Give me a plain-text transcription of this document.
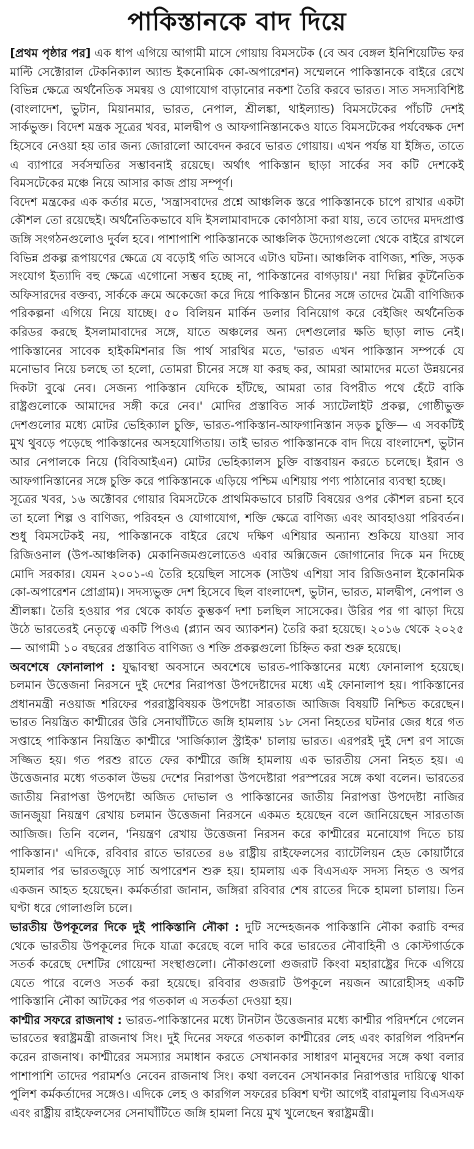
পাকিস্তানকে বাদ দিয়ে

[প্রথম পৃষ্ঠার পর] এক ধাপ এগিয়ে আগামী মাসে গোয়ায় বিমসটেক (বে অব বেঙ্গল ইনিশিয়েটিভ ফর মাল্টি সেক্টোরাল টেকনিক্যাল অ্যান্ড ইকনোমিক কো-অপারেশন) সম্মেলনে পাকিস্তানকে বাইরে রেখে বিভিন্ন ক্ষেত্রে অর্থনৈতিক সমন্বয় ও যোগাযোগ বাড়ানোর নকশা তৈরি করবে ভারত। সাত সদস্যবিশিষ্ট (বাংলাদেশ, ভুটান, মিয়ানমার, ভারত, নেপাল, শ্রীলঙ্কা, থাইল্যান্ড) বিমসটেকের পাঁচটি দেশই সার্কভুক্ত। বিদেশ মন্ত্রক সূত্রের খবর, মালদ্বীপ ও আফগানিস্তানকেও যাতে বিমসটেকের পর্যবেক্ষক দেশ হিসেবে নেওয়া হয় তার জন্য জোরালো আবেদন করবে ভারত গোয়ায়। এখন পর্যন্ত যা ইঙ্গিত, তাতে এ ব্যাপারে সর্বসম্মতির সম্ভাবনাই রয়েছে। অর্থাৎ পাকিস্তান ছাড়া সার্কের সব কটি দেশকেই বিমসটেকের মঞ্চে নিয়ে আসার কাজ প্রায় সম্পূর্ণ।

বিদেশ মন্ত্রকের এক কর্তার মতে, 'সন্ত্রাসবাদের প্রশ্নে আঞ্চলিক স্তরে পাকিস্তানকে চাপে রাখার একটা কৌশল তো রয়েছেই। অর্থনৈতিকভাবে যদি ইসলামাবাদকে কোণঠাসা করা যায়, তবে তাদের মদদপ্রাপ্ত জঙ্গি সংগঠনগুলোও দুর্বল হবে। পাশাপাশি পাকিস্তানকে আঞ্চলিক উদ্যোগগুলো থেকে বাইরে রাখলে বিভিন্ন প্রকল্প রূপায়ণের ক্ষেত্রে যে বড়োই গতি আসবে এটাও ঘটনা। আঞ্চলিক বাণিজ্য, শক্তি, সড়ক সংযোগ ইত্যাদি বহু ক্ষেত্রে এগোনো সম্ভব হচ্ছে না, পাকিস্তানের বাগড়ায়।' নয়া দিল্লির কূটনৈতিক অফিসারদের বক্তব্য, সার্ককে ক্রমে অকেজো করে দিয়ে পাকিস্তান চীনের সঙ্গে তাদের মৈত্রী বাণিজ্যিক পরিকল্পনা এগিয়ে নিয়ে যাচ্ছে। ৫০ বিলিয়ন মার্কিন ডলার বিনিয়োগ করে বেইজিং অর্থনৈতিক করিডর করছে ইসলামাবাদের সঙ্গে, যাতে অঞ্চলের অন্য দেশগুলোর ক্ষতি ছাড়া লাভ নেই। পাকিস্তানের সাবেক হাইকমিশনার জি পার্থ সারথির মতে, 'ভারত এখন পাকিস্তান সম্পর্কে যে মনোভাব নিয়ে চলছে তা হলো, তোমরা চীনের সঙ্গে যা করছ কর, আমরা আমাদের মতো উন্নয়নের দিকটা বুঝে নেব। সেজন্য পাকিস্তান যেদিকে হাঁটছে, আমরা তার বিপরীত পথে হেঁটে বাকি রাষ্ট্রগুলোকে আমাদের সঙ্গী করে নেব।' মোদির প্রস্তাবিত সার্ক স্যাটেলাইট প্রকল্প, গোষ্ঠীভুক্ত দেশগুলোর মধ্যে মোটর ভেহিক্যাল চুক্তি, ভারত-পাকিস্তান-আফগানিস্তান সড়ক চুক্তি— এ সবকটিই মুখ থুবড়ে পড়েছে পাকিস্তানের অসহযোগিতায়। তাই ভারত পাকিস্তানকে বাদ দিয়ে বাংলাদেশ, ভুটান আর নেপালকে নিয়ে (বিবিআইএন) মোটর ভেহিক্যালস চুক্তি বাস্তবায়ন করতে চলেছে। ইরান ও আফগানিস্তানের সঙ্গে চুক্তি করে পাকিস্তানকে এড়িয়ে পশ্চিম এশিয়ায় পণ্য পাঠানোর ব্যবস্থা হচ্ছে।

সূত্রের খবর, ১৬ অক্টোবর গোয়ার বিমসটেকে প্রাথমিকভাবে চারটি বিষয়ের ওপর কৌশল রচনা হবে তা হলো শিল্প ও বাণিজ্য, পরিবহন ও যোগাযোগ, শক্তি ক্ষেত্রে বাণিজ্য এবং আবহাওয়া পরিবর্তন। শুধু বিমসটেকই নয়, পাকিস্তানকে বাইরে রেখে দক্ষিণ এশিয়ার অন্যান্য শুকিয়ে যাওয়া সাব রিজিওনাল (উপ-আঞ্চলিক) মেকানিজমগুলোতেও এবার অক্সিজেন জোগানোর দিকে মন দিচ্ছে মোদি সরকার। যেমন ২০০১-এ তৈরি হয়েছিল সাসেক (সাউথ এশিয়া সাব রিজিওনাল ইকোনমিক কো-অপারেশন প্রোগ্রাম)। সদস্যভুক্ত দেশ হিসেবে ছিল বাংলাদেশ, ভুটান, ভারত, মালদ্বীপ, নেপাল ও শ্রীলঙ্কা। তৈরি হওয়ার পর থেকে কার্যত কুম্ভকর্ণ দশা চলছিল সাসেকের। উরির পর গা ঝাড়া দিয়ে উঠে ভারতেরই নেতৃত্বে একটি পিওএ (প্ল্যান অব অ্যাকশন) তৈরি করা হয়েছে। ২০১৬ থেকে ২০২৫— আগামী ১০ বছরের প্রস্তাবিত বাণিজ্য ও শক্তি প্রকল্পগুলো চিহ্নিত করা শুরু হয়েছে।

অবশেষে ফোনালাপ : যুদ্ধাবস্থা অবসানে অবশেষে ভারত-পাকিস্তানের মধ্যে ফোনালাপ হয়েছে। চলমান উত্তেজনা নিরসনে দুই দেশের নিরাপত্তা উপদেষ্টাদের মধ্যে এই ফোনালাপ হয়। পাকিস্তানের প্রধানমন্ত্রী নওয়াজ শরিফের পররাষ্ট্রবিষয়ক উপদেষ্টা সারতাজ আজিজ বিষয়টি নিশ্চিত করেছেন। ভারত নিয়ন্ত্রিত কাশ্মীরের উরি সেনাঘাঁটিতে জঙ্গি হামলায় ১৮ সেনা নিহতের ঘটনার জের ধরে গত সপ্তাহে পাকিস্তান নিয়ন্ত্রিত কাশ্মীরে 'সার্জিক্যাল স্ট্রাইক' চালায় ভারত। এরপরই দুই দেশ রণ সাজে সজ্জিত হয়। গত পরশু রাতে ফের কাশ্মীরে জঙ্গি হামলায় এক ভারতীয় সেনা নিহত হয়। এ উত্তেজনার মধ্যে গতকাল উভয় দেশের নিরাপত্তা উপদেষ্টারা পরস্পরের সঙ্গে কথা বলেন। ভারতের জাতীয় নিরাপত্তা উপদেষ্টা অজিত দোভাল ও পাকিস্তানের জাতীয় নিরাপত্তা উপদেষ্টা নাজির জানজুয়া নিয়ন্ত্রণ রেখায় চলমান উত্তেজনা নিরসনে একমত হয়েছেন বলে জানিয়েছেন সারতাজ আজিজ। তিনি বলেন, 'নিয়ন্ত্রণ রেখায় উত্তেজনা নিরসন করে কাশ্মীরের মনোযোগ দিতে চায় পাকিস্তান।' এদিকে, রবিবার রাতে ভারতের ৪৬ রাষ্ট্রীয় রাইফেলসের ব্যাটেলিয়ন হেড কোয়ার্টারে হামলার পর ভারতজুড়ে সার্চ অপারেশন শুরু হয়। হামলায় এক বিএসএফ সদস্য নিহত ও অপর একজন আহত হয়েছেন। কর্মকর্তারা জানান, জঙ্গিরা রবিবার শেষ রাতের দিকে হামলা চালায়। তিন ঘণ্টা ধরে গোলাগুলি চলে।

ভারতীয় উপকূলের দিকে দুই পাকিস্তানি নৌকা : দুটি সন্দেহজনক পাকিস্তানি নৌকা করাচি বন্দর থেকে ভারতীয় উপকূলের দিকে যাত্রা করেছে বলে দাবি করে ভারতের নৌবাহিনী ও কোস্টগার্ডকে সতর্ক করেছে দেশটির গোয়েন্দা সংস্থাগুলো। নৌকাগুলো গুজরাট কিংবা মহারাষ্ট্রের দিকে এগিয়ে যেতে পারে বলেও সতর্ক করা হয়েছে। রবিবার গুজরাট উপকূলে নয়জন আরোহীসহ একটি পাকিস্তানি নৌকা আটকের পর গতকাল এ সতর্কতা দেওয়া হয়।

কাশ্মীর সফরে রাজনাথ : ভারত-পাকিস্তানের মধ্যে টানটান উত্তেজনার মধ্যে কাশ্মীর পরিদর্শনে গেলেন ভারতের স্বরাষ্ট্রমন্ত্রী রাজনাথ সিং। দুই দিনের সফরে গতকাল কাশ্মীরের লেহ এবং কারগিল পরিদর্শন করেন রাজনাথ। কাশ্মীরের সমস্যার সমাধান করতে সেখানকার সাধারণ মানুষদের সঙ্গে কথা বলার পাশাপাশি তাদের পরামর্শও নেবেন রাজনাথ সিং। কথা বলবেন সেখানকার নিরাপত্তার দায়িত্বে থাকা পুলিশ কর্মকর্তাদের সঙ্গেও। এদিকে লেহ ও কারগিল সফরের চব্বিশ ঘণ্টা আগেই বারামুলায় বিএসএফ এবং রাষ্ট্রীয় রাইফেলসের সেনাঘাঁটিতে জঙ্গি হামলা নিয়ে মুখ খুলেছেন স্বরাষ্ট্রমন্ত্রী।
